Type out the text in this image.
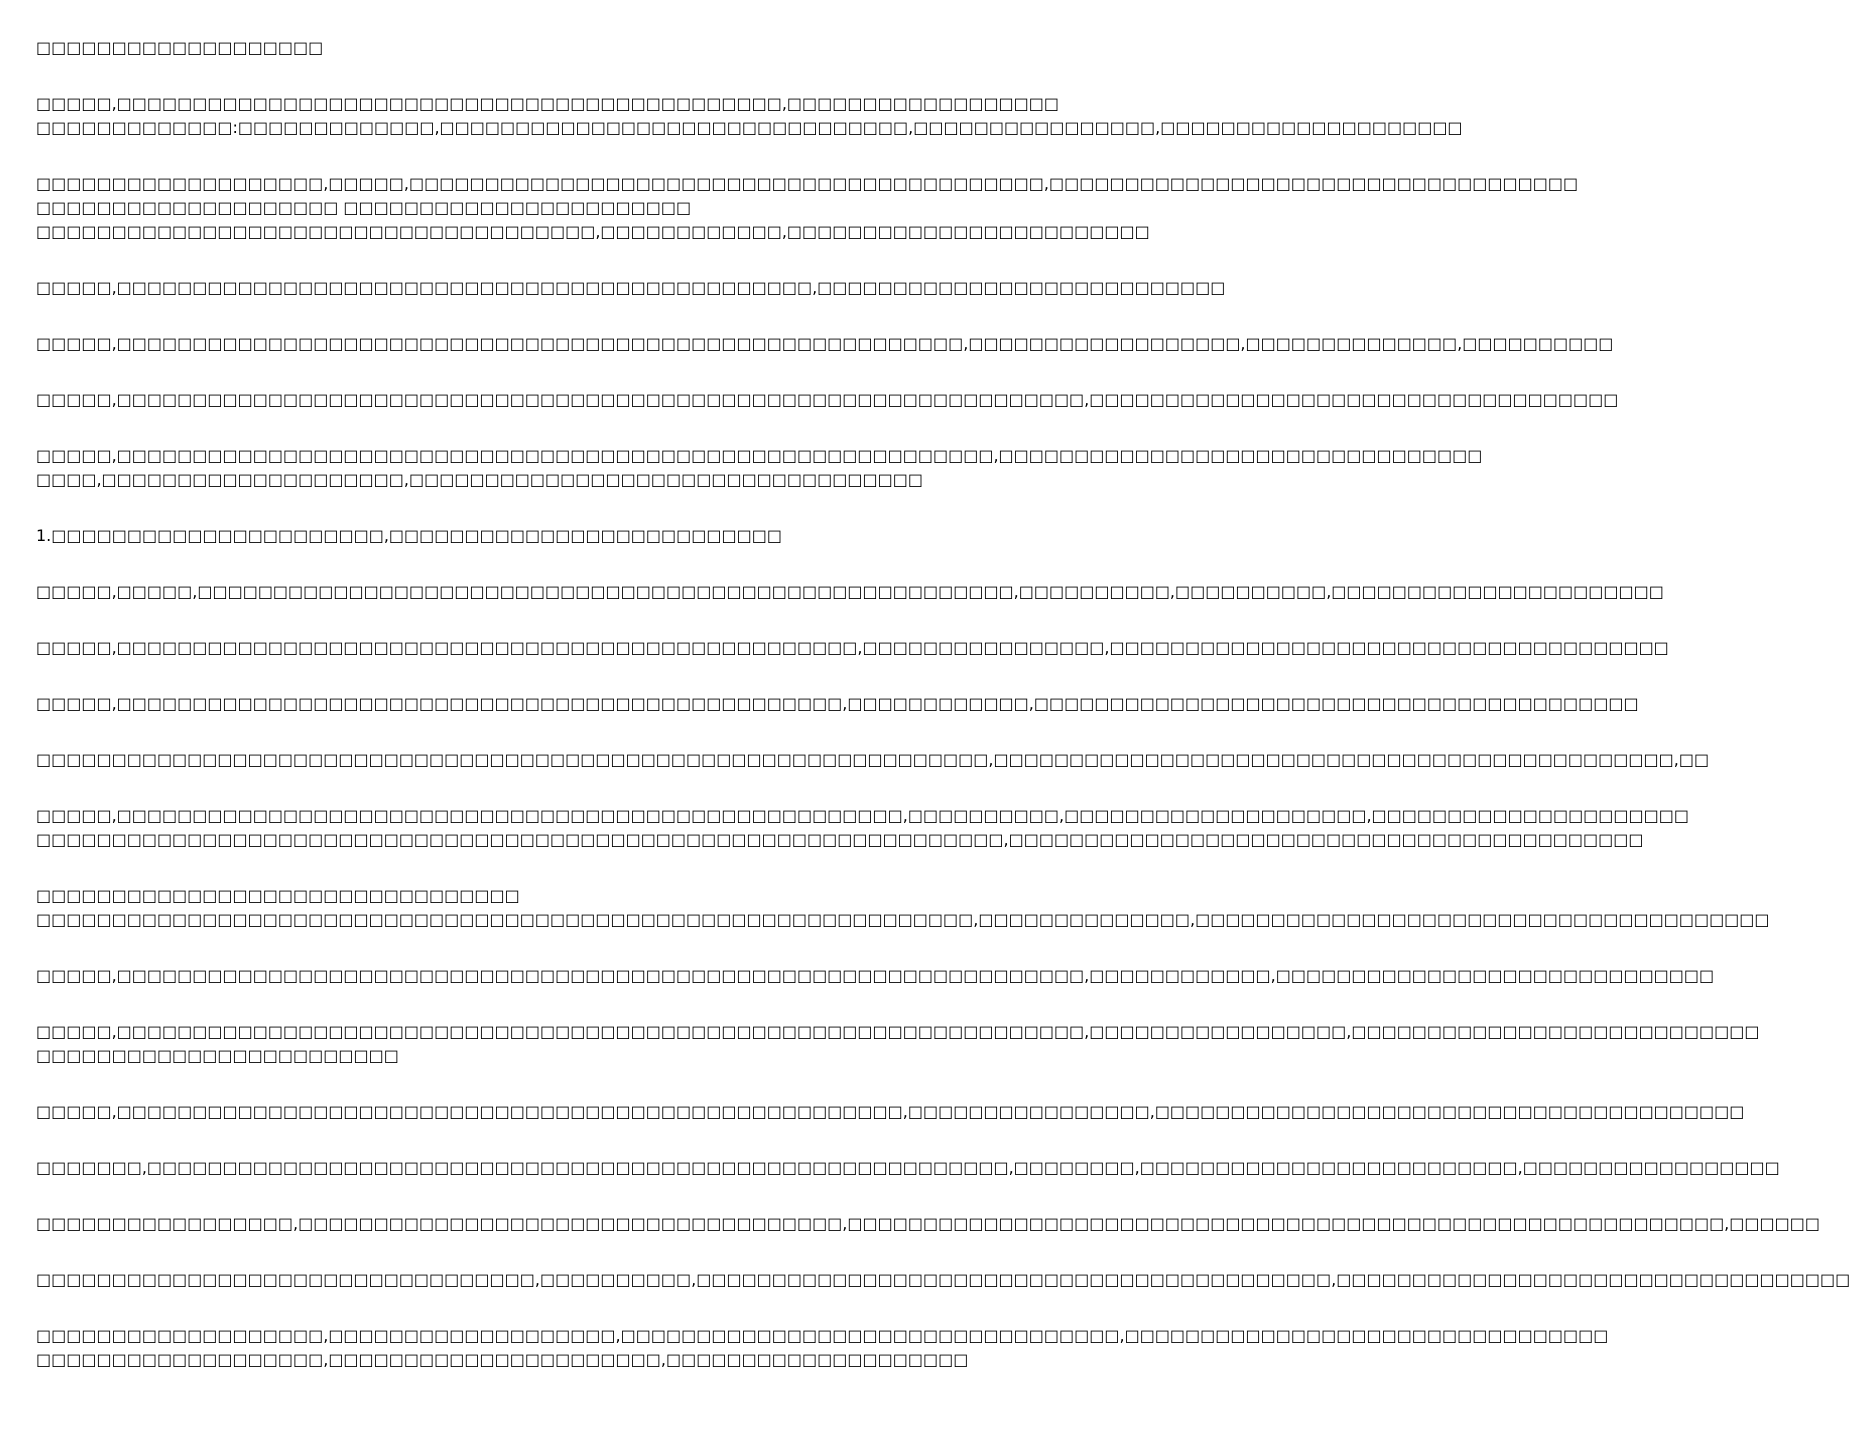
□□□□□□□□□□□□□□□□□□□

□□□□□,□□□□□□□□□□□□□□□□□□□□□□□□□□□□□□□□□□□□□□□□□□□□,□□□□□□□□□□□□□□□□□□
□□□□□□□□□□□□□:□□□□□□□□□□□□□,□□□□□□□□□□□□□□□□□□□□□□□□□□□□□□□,□□□□□□□□□□□□□□□□,□□□□□□□□□□□□□□□□□□□□

□□□□□□□□□□□□□□□□□□□,□□□□□,□□□□□□□□□□□□□□□□□□□□□□□□□□□□□□□□□□□□□□□□□□,□□□□□□□□□□□□□□□□□□□□□□□□□□□□□□□□□□□
□□□□□□□□□□□□□□□□□□□□ □□□□□□□□□□□□□□□□□□□□□□□
□□□□□□□□□□□□□□□□□□□□□□□□□□□□□□□□□□□□□,□□□□□□□□□□□□,□□□□□□□□□□□□□□□□□□□□□□□□

□□□□□,□□□□□□□□□□□□□□□□□□□□□□□□□□□□□□□□□□□□□□□□□□□□□□,□□□□□□□□□□□□□□□□□□□□□□□□□□□

□□□□□,□□□□□□□□□□□□□□□□□□□□□□□□□□□□□□□□□□□□□□□□□□□□□□□□□□□□□□□□,□□□□□□□□□□□□□□□□□□,□□□□□□□□□□□□□□,□□□□□□□□□□

□□□□□,□□□□□□□□□□□□□□□□□□□□□□□□□□□□□□□□□□□□□□□□□□□□□□□□□□□□□□□□□□□□□□□□,□□□□□□□□□□□□□□□□□□□□□□□□□□□□□□□□□□□

□□□□□,□□□□□□□□□□□□□□□□□□□□□□□□□□□□□□□□□□□□□□□□□□□□□□□□□□□□□□□□□□,□□□□□□□□□□□□□□□□□□□□□□□□□□□□□□□□
□□□□,□□□□□□□□□□□□□□□□□□□□,□□□□□□□□□□□□□□□□□□□□□□□□□□□□□□□□□□

1.□□□□□□□□□□□□□□□□□□□□□□,□□□□□□□□□□□□□□□□□□□□□□□□□□

□□□□□,□□□□□,□□□□□□□□□□□□□□□□□□□□□□□□□□□□□□□□□□□□□□□□□□□□□□□□□□□□□□,□□□□□□□□□□,□□□□□□□□□□,□□□□□□□□□□□□□□□□□□□□□□

□□□□□,□□□□□□□□□□□□□□□□□□□□□□□□□□□□□□□□□□□□□□□□□□□□□□□□□,□□□□□□□□□□□□□□□□,□□□□□□□□□□□□□□□□□□□□□□□□□□□□□□□□□□□□□

□□□□□,□□□□□□□□□□□□□□□□□□□□□□□□□□□□□□□□□□□□□□□□□□□□□□□□,□□□□□□□□□□□□,□□□□□□□□□□□□□□□□□□□□□□□□□□□□□□□□□□□□□□□□

□□□□□□□□□□□□□□□□□□□□□□□□□□□□□□□□□□□□□□□□□□□□□□□□□□□□□□□□□□□□□□□,□□□□□□□□□□□□□□□□□□□□□□□□□□□□□□□□□□□□□□□□□□□□□,□□

□□□□□,□□□□□□□□□□□□□□□□□□□□□□□□□□□□□□□□□□□□□□□□□□□□□□□□□□□□,□□□□□□□□□□,□□□□□□□□□□□□□□□□□□□□,□□□□□□□□□□□□□□□□□□□□□
□□□□□□□□□□□□□□□□□□□□□□□□□□□□□□□□□□□□□□□□□□□□□□□□□□□□□□□□□□□□□□□□,□□□□□□□□□□□□□□□□□□□□□□□□□□□□□□□□□□□□□□□□□□

□□□□□□□□□□□□□□□□□□□□□□□□□□□□□□□□
□□□□□□□□□□□□□□□□□□□□□□□□□□□□□□□□□□□□□□□□□□□□□□□□□□□□□□□□□□□□□□,□□□□□□□□□□□□□□,□□□□□□□□□□□□□□□□□□□□□□□□□□□□□□□□□□□□□□

□□□□□,□□□□□□□□□□□□□□□□□□□□□□□□□□□□□□□□□□□□□□□□□□□□□□□□□□□□□□□□□□□□□□□□,□□□□□□□□□□□□,□□□□□□□□□□□□□□□□□□□□□□□□□□□□□

□□□□□,□□□□□□□□□□□□□□□□□□□□□□□□□□□□□□□□□□□□□□□□□□□□□□□□□□□□□□□□□□□□□□□□,□□□□□□□□□□□□□□□□□,□□□□□□□□□□□□□□□□□□□□□□□□□□□
□□□□□□□□□□□□□□□□□□□□□□□□

□□□□□,□□□□□□□□□□□□□□□□□□□□□□□□□□□□□□□□□□□□□□□□□□□□□□□□□□□□,□□□□□□□□□□□□□□□□,□□□□□□□□□□□□□□□□□□□□□□□□□□□□□□□□□□□□□□□

□□□□□□□,□□□□□□□□□□□□□□□□□□□□□□□□□□□□□□□□□□□□□□□□□□□□□□□□□□□□□□□□□,□□□□□□□□,□□□□□□□□□□□□□□□□□□□□□□□□□,□□□□□□□□□□□□□□□□□

□□□□□□□□□□□□□□□□□,□□□□□□□□□□□□□□□□□□□□□□□□□□□□□□□□□□□□,□□□□□□□□□□□□□□□□□□□□□□□□□□□□□□□□□□□□□□□□□□□□□□□□□□□□□□□□□□,□□□□□□

□□□□□□□□□□□□□□□□□□□□□□□□□□□□□□□□□,□□□□□□□□□□,□□□□□□□□□□□□□□□□□□□□□□□□□□□□□□□□□□□□□□□□□□,□□□□□□□□□□□□□□□□□□□□□□□□□□□□□□□□□□

□□□□□□□□□□□□□□□□□□□,□□□□□□□□□□□□□□□□□□□,□□□□□□□□□□□□□□□□□□□□□□□□□□□□□□□□□,□□□□□□□□□□□□□□□□□□□□□□□□□□□□□□□□
□□□□□□□□□□□□□□□□□□□,□□□□□□□□□□□□□□□□□□□□□□,□□□□□□□□□□□□□□□□□□□□
